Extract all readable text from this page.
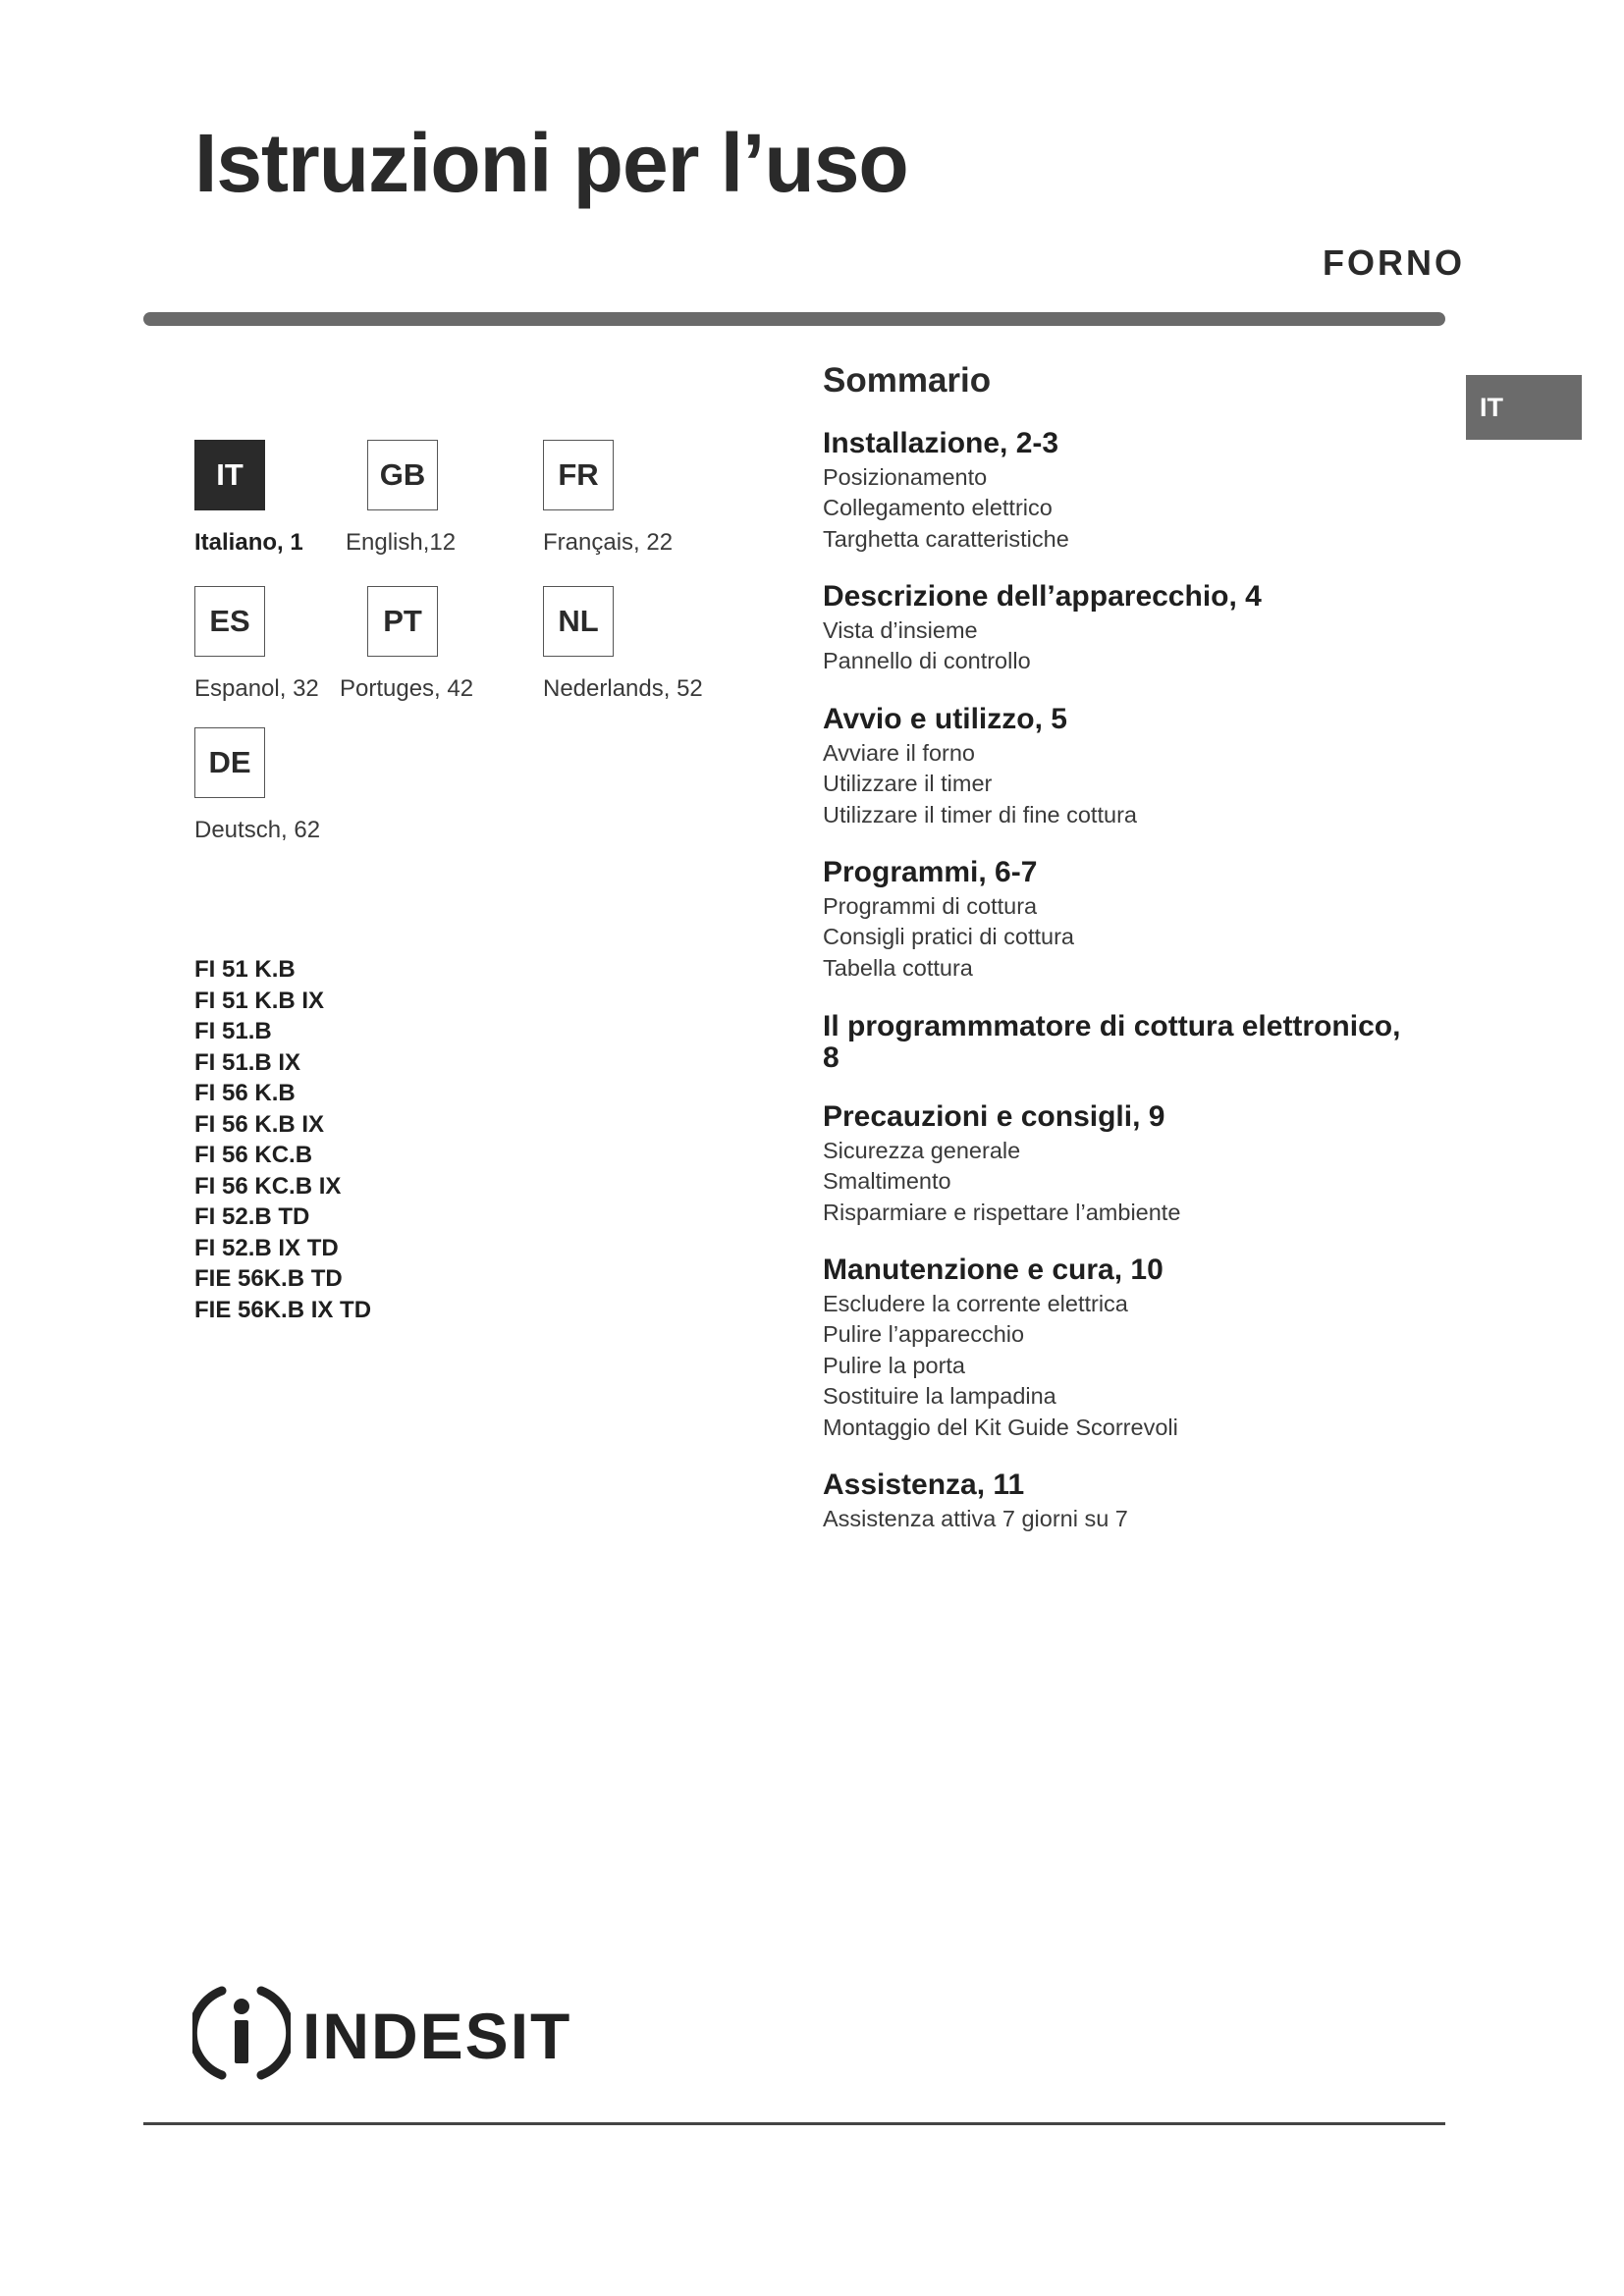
Istruzioni per l’uso
FORNO
IT
IT	GB	FR
Italiano, 1 English,12	Français, 22
ES	PT	NL
Espanol, 32 Portuges, 42	Nederlands, 52
DE
Deutsch, 62
FI 51 K.B
FI 51 K.B IX
FI 51.B
FI 51.B IX
FI 56 K.B
FI 56 K.B IX
FI 56 KC.B
FI 56 KC.B IX
FI 52.B TD
FI 52.B IX TD
FIE 56K.B TD
FIE 56K.B IX TD
Sommario
Installazione, 2-3
Posizionamento
Collegamento elettrico
Targhetta caratteristiche
Descrizione dell’apparecchio, 4
Vista d’insieme
Pannello di controllo
Avvio e utilizzo, 5
Avviare il forno
Utilizzare il timer
Utilizzare il timer di fine cottura
Programmi, 6-7
Programmi di cottura
Consigli pratici di cottura
Tabella cottura
Il programmmatore di cottura elettronico, 8
Precauzioni e consigli, 9
Sicurezza generale
Smaltimento
Risparmiare e rispettare l’ambiente
Manutenzione e cura, 10
Escludere la corrente elettrica
Pulire l’apparecchio
Pulire la porta
Sostituire la lampadina
Montaggio del Kit Guide Scorrevoli
Assistenza, 11
Assistenza attiva 7 giorni su 7
INDESIT
